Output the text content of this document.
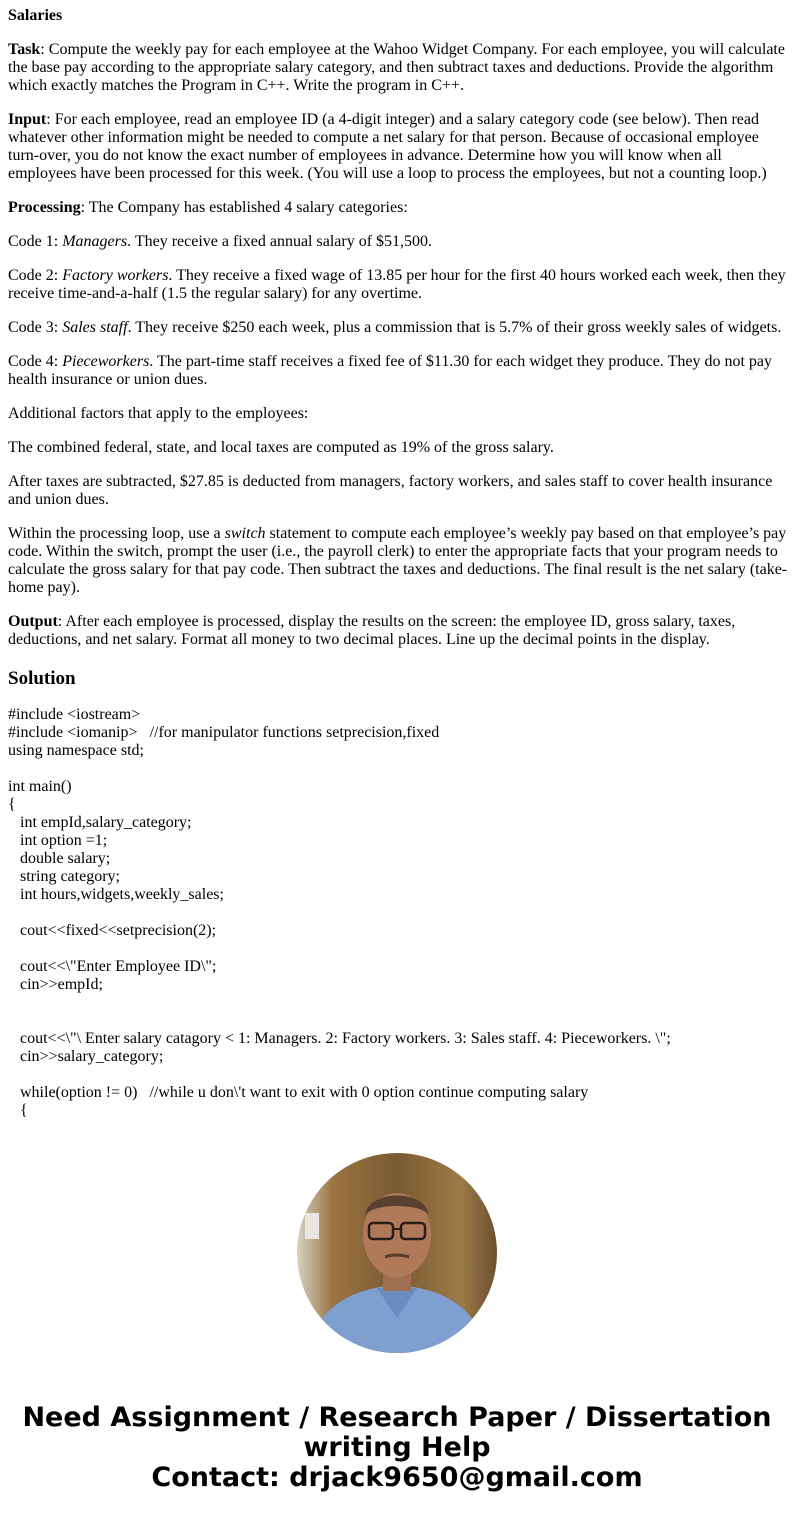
Salaries

Task: Compute the weekly pay for each employee at the Wahoo Widget Company. For each employee, you will calculate the base pay according to the appropriate salary category, and then subtract taxes and deductions. Provide the algorithm which exactly matches the Program in C++. Write the program in C++.

Input: For each employee, read an employee ID (a 4-digit integer) and a salary category code (see below). Then read whatever other information might be needed to compute a net salary for that person. Because of occasional employee turn-over, you do not know the exact number of employees in advance. Determine how you will know when all employees have been processed for this week. (You will use a loop to process the employees, but not a counting loop.)

Processing: The Company has established 4 salary categories:

Code 1: Managers. They receive a fixed annual salary of $51,500.

Code 2: Factory workers. They receive a fixed wage of 13.85 per hour for the first 40 hours worked each week, then they receive time-and-a-half (1.5 the regular salary) for any overtime.

Code 3: Sales staff. They receive $250 each week, plus a commission that is 5.7% of their gross weekly sales of widgets.

Code 4: Pieceworkers. The part-time staff receives a fixed fee of $11.30 for each widget they produce. They do not pay health insurance or union dues.

Additional factors that apply to the employees:

The combined federal, state, and local taxes are computed as 19% of the gross salary.

After taxes are subtracted, $27.85 is deducted from managers, factory workers, and sales staff to cover health insurance and union dues.

Within the processing loop, use a switch statement to compute each employee’s weekly pay based on that employee’s pay code. Within the switch, prompt the user (i.e., the payroll clerk) to enter the appropriate facts that your program needs to calculate the gross salary for that pay code. Then subtract the taxes and deductions. The final result is the net salary (take-home pay).

Output: After each employee is processed, display the results on the screen: the employee ID, gross salary, taxes, deductions, and net salary. Format all money to two decimal places. Line up the decimal points in the display.

Solution
#include <iostream>
#include <iomanip>   //for manipulator functions setprecision,fixed
using namespace std;
int main()
{
int empId,salary_category;
int option =1;
double salary;
string category;
int hours,widgets,weekly_sales;
cout<<fixed<<setprecision(2);
cout<<\"Enter Employee ID\";
cin>>empId;
cout<<\"\ Enter salary catagory < 1: Managers. 2: Factory workers. 3: Sales staff. 4: Pieceworkers. \";
cin>>salary_category;
while(option != 0)   //while u don\'t want to exit with 0 option continue computing salary
{
Need Assignment / Research Paper / Dissertation
writing Help
Contact: drjack9650@gmail.com
